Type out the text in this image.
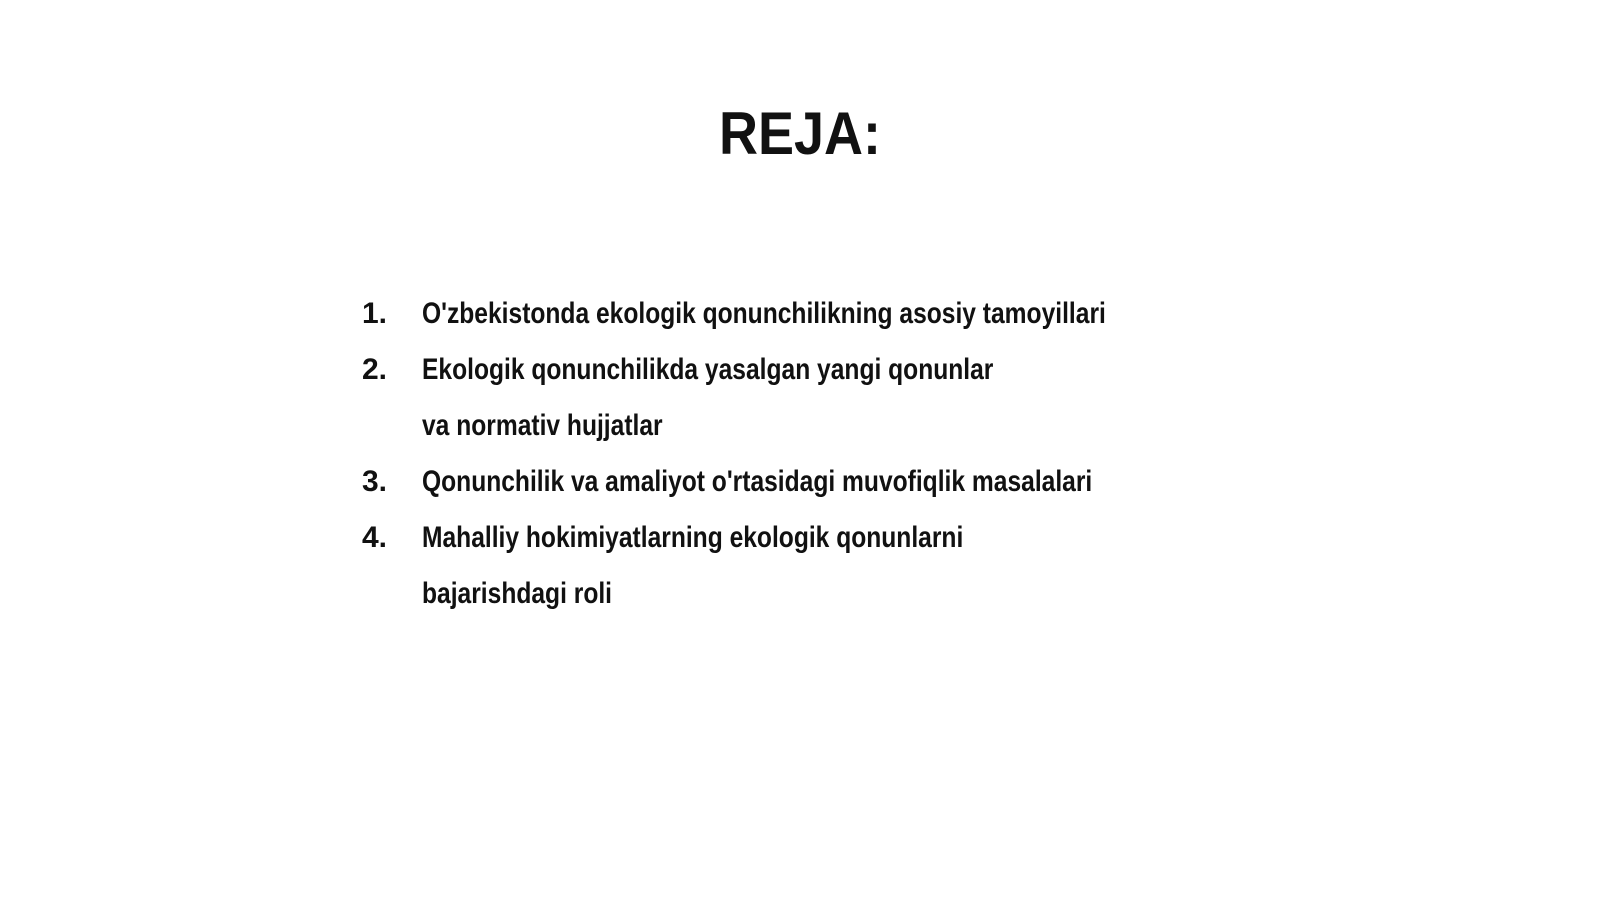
REJA:
1.	O'zbekistonda ekologik qonunchilikning asosiy tamoyillari
2.	Ekologik qonunchilikda yasalgan yangi qonunlar va normativ hujjatlar
3.	Qonunchilik va amaliyot o'rtasidagi muvofiqlik masalalari
4.	Mahalliy hokimiyatlarning ekologik qonunlarni bajarishdagi roli
